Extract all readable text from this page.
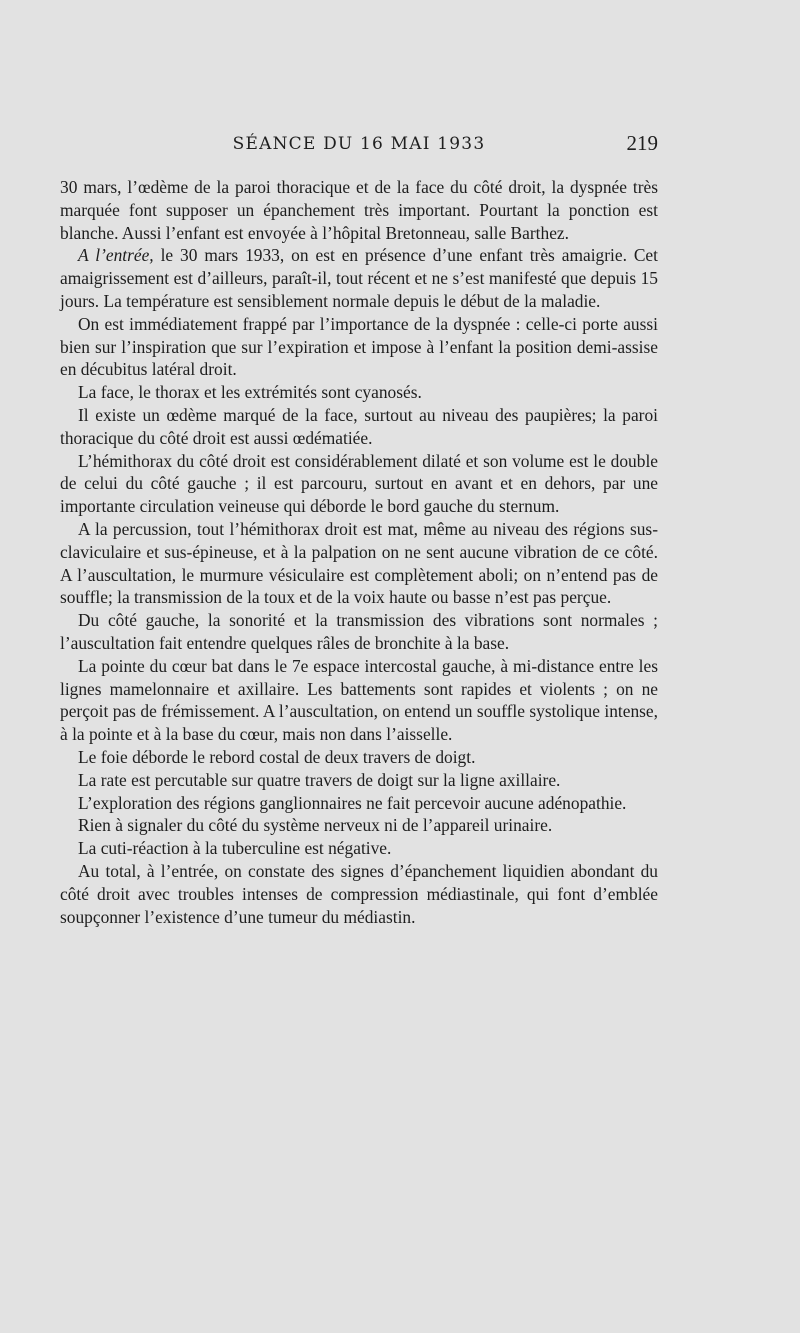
SÉANCE DU 16 MAI 1933	219

30 mars, l’œdème de la paroi thoracique et de la face du côté droit, la dyspnée très marquée font supposer un épanchement très important. Pourtant la ponction est blanche. Aussi l’enfant est envoyée à l’hôpital Bretonneau, salle Barthez.

A l’entrée, le 30 mars 1933, on est en présence d’une enfant très amaigrie. Cet amaigrissement est d’ailleurs, paraît-il, tout récent et ne s’est manifesté que depuis 15 jours. La température est sensiblement normale depuis le début de la maladie.

On est immédiatement frappé par l’importance de la dyspnée : celle-ci porte aussi bien sur l’inspiration que sur l’expiration et impose à l’enfant la position demi-assise en décubitus latéral droit.

La face, le thorax et les extrémités sont cyanosés.

Il existe un œdème marqué de la face, surtout au niveau des paupières; la paroi thoracique du côté droit est aussi œdématiée.

L’hémithorax du côté droit est considérablement dilaté et son volume est le double de celui du côté gauche ; il est parcouru, surtout en avant et en dehors, par une importante circulation veineuse qui déborde le bord gauche du sternum.

A la percussion, tout l’hémithorax droit est mat, même au niveau des régions sus-claviculaire et sus-épineuse, et à la palpation on ne sent aucune vibration de ce côté. A l’auscultation, le murmure vésiculaire est complètement aboli; on n’entend pas de souffle; la transmission de la toux et de la voix haute ou basse n’est pas perçue.

Du côté gauche, la sonorité et la transmission des vibrations sont normales ; l’auscultation fait entendre quelques râles de bronchite à la base.

La pointe du cœur bat dans le 7e espace intercostal gauche, à mi-distance entre les lignes mamelonnaire et axillaire. Les battements sont rapides et violents ; on ne perçoit pas de frémissement. A l’auscultation, on entend un souffle systolique intense, à la pointe et à la base du cœur, mais non dans l’aisselle.

Le foie déborde le rebord costal de deux travers de doigt.

La rate est percutable sur quatre travers de doigt sur la ligne axillaire.

L’exploration des régions ganglionnaires ne fait percevoir aucune adénopathie.

Rien à signaler du côté du système nerveux ni de l’appareil urinaire.

La cuti-réaction à la tuberculine est négative.

Au total, à l’entrée, on constate des signes d’épanchement liquidien abondant du côté droit avec troubles intenses de compression médiastinale, qui font d’emblée soupçonner l’existence d’une tumeur du médiastin.
